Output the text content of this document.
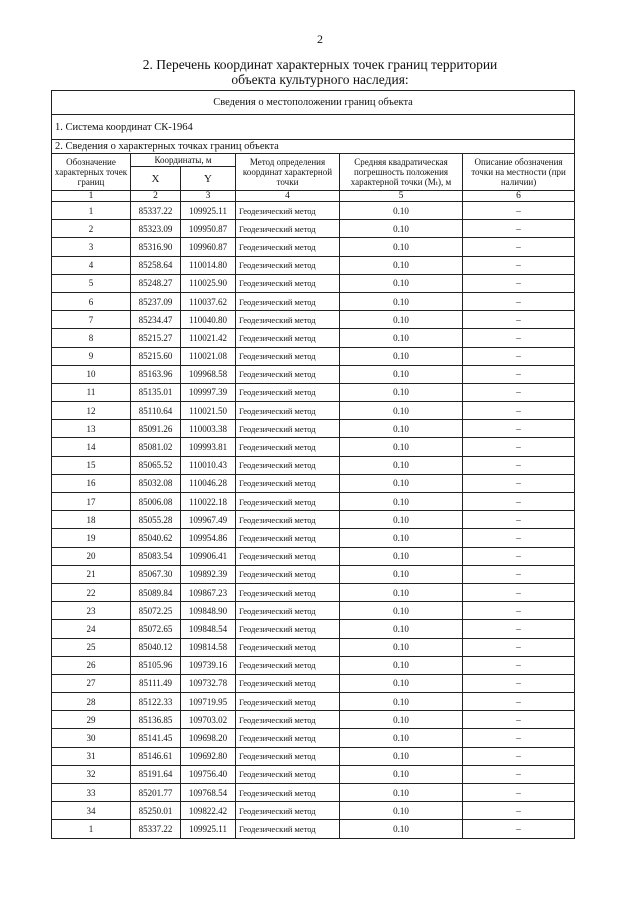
2
2. Перечень координат характерных точек границ территории
объекта культурного наследия:
Сведения о местоположении границ объекта					
1. Система координат СК-1964					
2. Сведения о характерных точках границ объекта					
Обозначение характерных точек границ	Координаты, м		Метод определения координат характерной точки	Средняя квадратическая погрешность положения характерной точки (Mₜ), м	Описание обозначения точки на местности (при наличии)
	X	Y			
1	2	3	4	5	6
1	85337.22	109925.11	Геодезический метод	0.10	–
2	85323.09	109950.87	Геодезический метод	0.10	–
3	85316.90	109960.87	Геодезический метод	0.10	–
4	85258.64	110014.80	Геодезический метод	0.10	–
5	85248.27	110025.90	Геодезический метод	0.10	–
6	85237.09	110037.62	Геодезический метод	0.10	–
7	85234.47	110040.80	Геодезический метод	0.10	–
8	85215.27	110021.42	Геодезический метод	0.10	–
9	85215.60	110021.08	Геодезический метод	0.10	–
10	85163.96	109968.58	Геодезический метод	0.10	–
11	85135.01	109997.39	Геодезический метод	0.10	–
12	85110.64	110021.50	Геодезический метод	0.10	–
13	85091.26	110003.38	Геодезический метод	0.10	–
14	85081.02	109993.81	Геодезический метод	0.10	–
15	85065.52	110010.43	Геодезический метод	0.10	–
16	85032.08	110046.28	Геодезический метод	0.10	–
17	85006.08	110022.18	Геодезический метод	0.10	–
18	85055.28	109967.49	Геодезический метод	0.10	–
19	85040.62	109954.86	Геодезический метод	0.10	–
20	85083.54	109906.41	Геодезический метод	0.10	–
21	85067.30	109892.39	Геодезический метод	0.10	–
22	85089.84	109867.23	Геодезический метод	0.10	–
23	85072.25	109848.90	Геодезический метод	0.10	–
24	85072.65	109848.54	Геодезический метод	0.10	–
25	85040.12	109814.58	Геодезический метод	0.10	–
26	85105.96	109739.16	Геодезический метод	0.10	–
27	85111.49	109732.78	Геодезический метод	0.10	–
28	85122.33	109719.95	Геодезический метод	0.10	–
29	85136.85	109703.02	Геодезический метод	0.10	–
30	85141.45	109698.20	Геодезический метод	0.10	–
31	85146.61	109692.80	Геодезический метод	0.10	–
32	85191.64	109756.40	Геодезический метод	0.10	–
33	85201.77	109768.54	Геодезический метод	0.10	–
34	85250.01	109822.42	Геодезический метод	0.10	–
1	85337.22	109925.11	Геодезический метод	0.10	–
